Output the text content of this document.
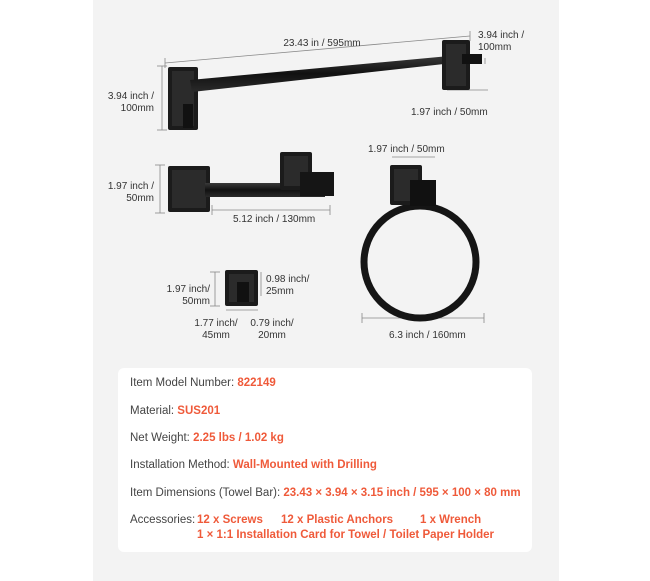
23.43 in / 595mm
3.94 inch /
100mm
3.94 inch /
100mm	1.97 inch / 50mm
1.97 inch /
50mm
5.12 inch / 130mm
1.97 inch / 50mm
6.3 inch / 160mm
1.97 inch/
50mm
0.98 inch/
25mm
1.77 inch/
45mm
0.79 inch/
20mm
Item Model Number: 822149
Material: SUS201
Net Weight: 2.25 lbs / 1.02 kg
Installation Method: Wall-Mounted with Drilling
Item Dimensions (Towel Bar): 23.43 × 3.94 × 3.15 inch / 595 × 100 × 80 mm
Accessories: 12 x Screws 12 x Plastic Anchors 1 x Wrench
1 × 1:1 Installation Card for Towel / Toilet Paper Holder
